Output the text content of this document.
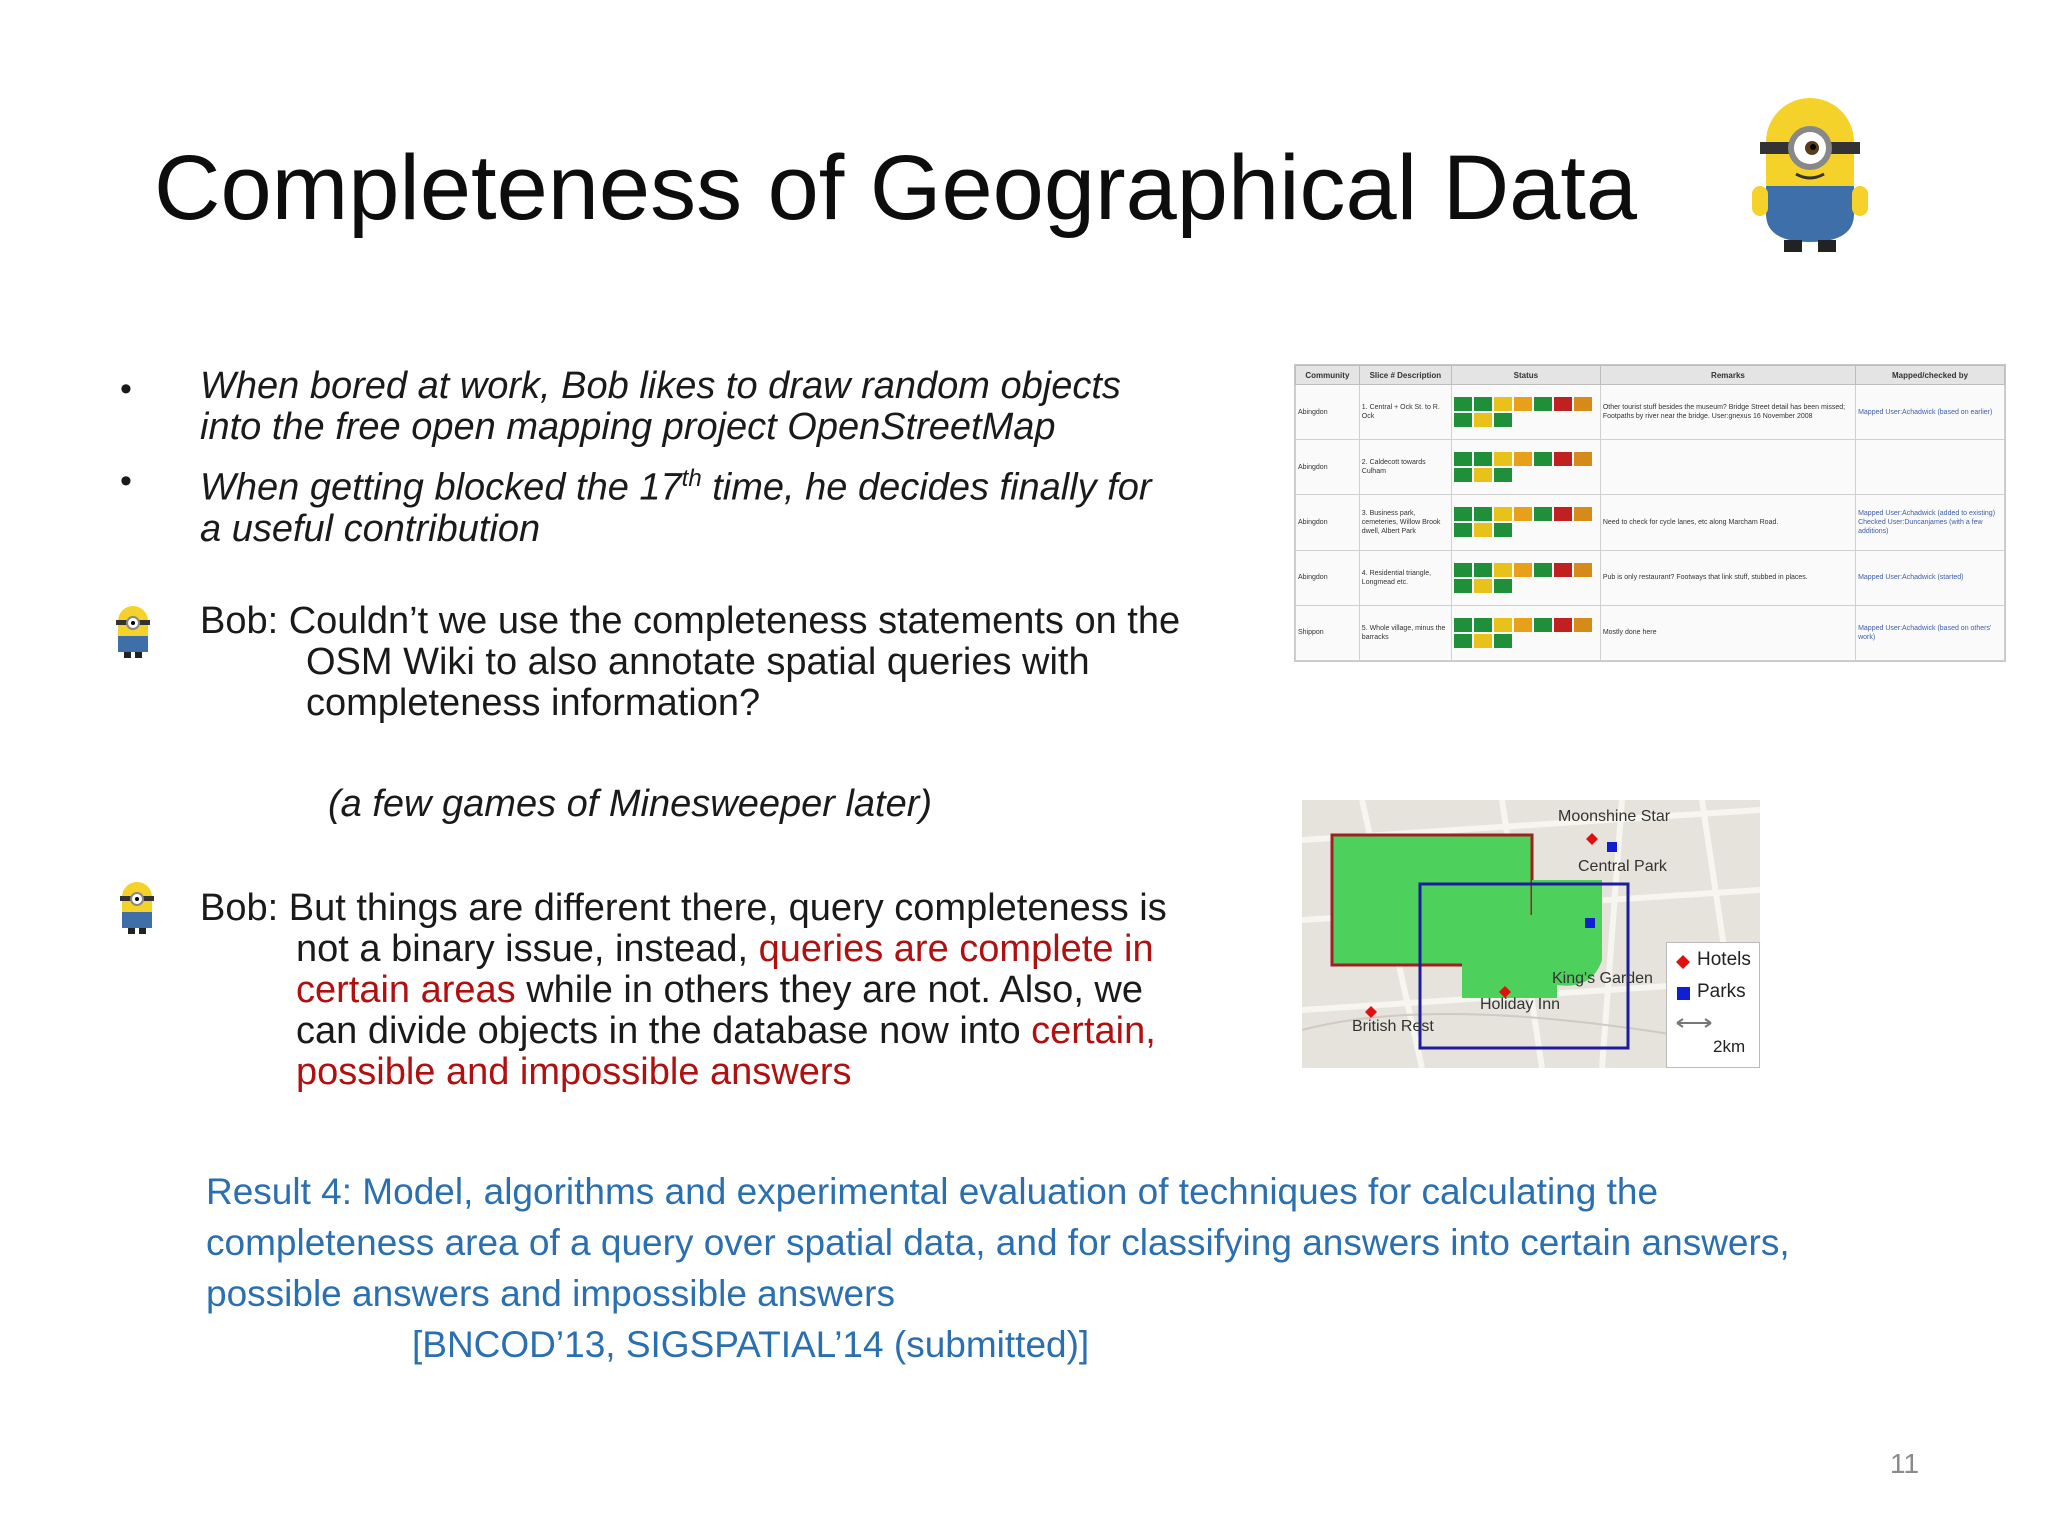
Completeness of Geographical Data
• When bored at work, Bob likes to draw random objects
into the free open mapping project OpenStreetMap
• When getting blocked the 17th time, he decides finally for
a useful contribution
Bob: Couldn’t we use the completeness statements on the
OSM Wiki to also annotate spatial queries with
completeness information?
(a few games of Minesweeper later)
Bob: But things are different there, query completeness is
not a binary issue, instead, queries are complete in
certain areas while in others they are not. Also, we
can divide objects in the database now into certain,
possible and impossible answers
Result 4: Model, algorithms and experimental evaluation of techniques for calculating the completeness area of a query over spatial data, and for classifying answers into certain answers, possible answers and impossible answers
[BNCOD’13, SIGSPATIAL’14 (submitted)]
Community	Slice # Description	Status	Remarks	Mapped/checked by
Abingdon	1. Central + Ock St. to R. Ock		Other tourist stuff besides the museum? Bridge Street detail has been missed; Footpaths by river near the bridge. User:gnexus 16 November 2008	Mapped User:Achadwick (based on earlier)
Abingdon	2. Caldecott towards Culham	

Abingdon	3. Business park, cemeteries, Willow Brook dwell, Albert Park		Need to check for cycle lanes, etc along Marcham Road.	Mapped User:Achadwick (added to existing) Checked User:Duncanjames (with a few additions)
Abingdon	4. Residential triangle, Longmead etc.		Pub is only restaurant? Footways that link stuff, stubbed in places.	Mapped User:Achadwick (started)
Shippon	5. Whole village, minus the barracks		Mostly done here	Mapped User:Achadwick (based on others' work)
Moonshine Star
Central Park
King's Garden
Holiday Inn
British Rest
Hotels
Parks
2km
11
